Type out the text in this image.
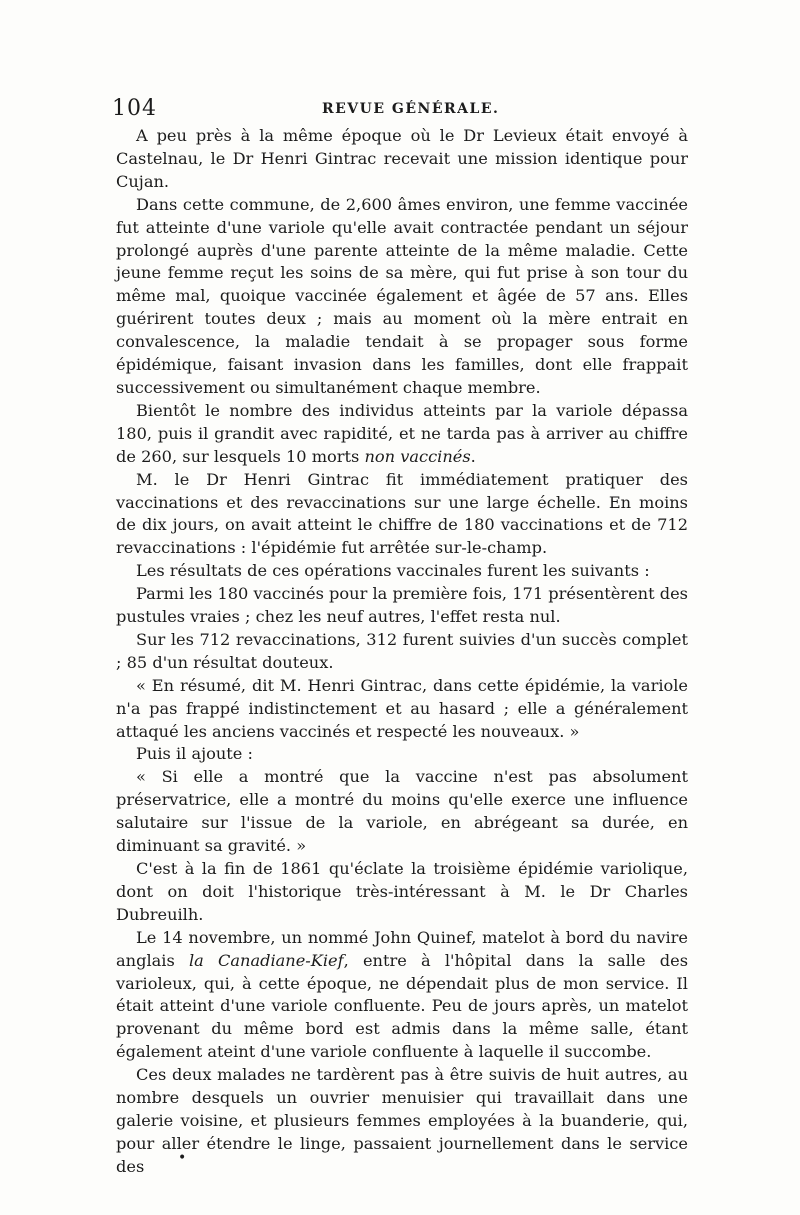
104	REVUE GÉNÉRALE.

A peu près à la même époque où le Dr Levieux était envoyé à Castelnau, le Dr Henri Gintrac recevait une mission identique pour Cujan.

Dans cette commune, de 2,600 âmes environ, une femme vaccinée fut atteinte d'une variole qu'elle avait contractée pendant un séjour prolongé auprès d'une parente atteinte de la même maladie. Cette jeune femme reçut les soins de sa mère, qui fut prise à son tour du même mal, quoique vaccinée également et âgée de 57 ans. Elles guérirent toutes deux ; mais au moment où la mère entrait en convalescence, la maladie tendait à se propager sous forme épidémique, faisant invasion dans les familles, dont elle frappait successivement ou simultanément chaque membre.

Bientôt le nombre des individus atteints par la variole dépassa 180, puis il grandit avec rapidité, et ne tarda pas à arriver au chiffre de 260, sur lesquels 10 morts non vaccinés.

M. le Dr Henri Gintrac fit immédiatement pratiquer des vaccinations et des revaccinations sur une large échelle. En moins de dix jours, on avait atteint le chiffre de 180 vaccinations et de 712 revaccinations : l'épidémie fut arrêtée sur-le-champ.

Les résultats de ces opérations vaccinales furent les suivants :

Parmi les 180 vaccinés pour la première fois, 171 présentèrent des pustules vraies ; chez les neuf autres, l'effet resta nul.

Sur les 712 revaccinations, 312 furent suivies d'un succès complet ; 85 d'un résultat douteux.

« En résumé, dit M. Henri Gintrac, dans cette épidémie, la variole n'a pas frappé indistinctement et au hasard ; elle a généralement attaqué les anciens vaccinés et respecté les nouveaux. »

Puis il ajoute :

« Si elle a montré que la vaccine n'est pas absolument préservatrice, elle a montré du moins qu'elle exerce une influence salutaire sur l'issue de la variole, en abrégeant sa durée, en diminuant sa gravité. »

C'est à la fin de 1861 qu'éclate la troisième épidémie variolique, dont on doit l'historique très-intéressant à M. le Dr Charles Dubreuilh.

Le 14 novembre, un nommé John Quinef, matelot à bord du navire anglais la Canadiane-Kief, entre à l'hôpital dans la salle des varioleux, qui, à cette époque, ne dépendait plus de mon service. Il était atteint d'une variole confluente. Peu de jours après, un matelot provenant du même bord est admis dans la même salle, étant également ateint d'une variole confluente à laquelle il succombe.

Ces deux malades ne tardèrent pas à être suivis de huit autres, au nombre desquels un ouvrier menuisier qui travaillait dans une galerie voisine, et plusieurs femmes employées à la buanderie, qui, pour aller étendre le linge, passaient journellement dans le service des	•
